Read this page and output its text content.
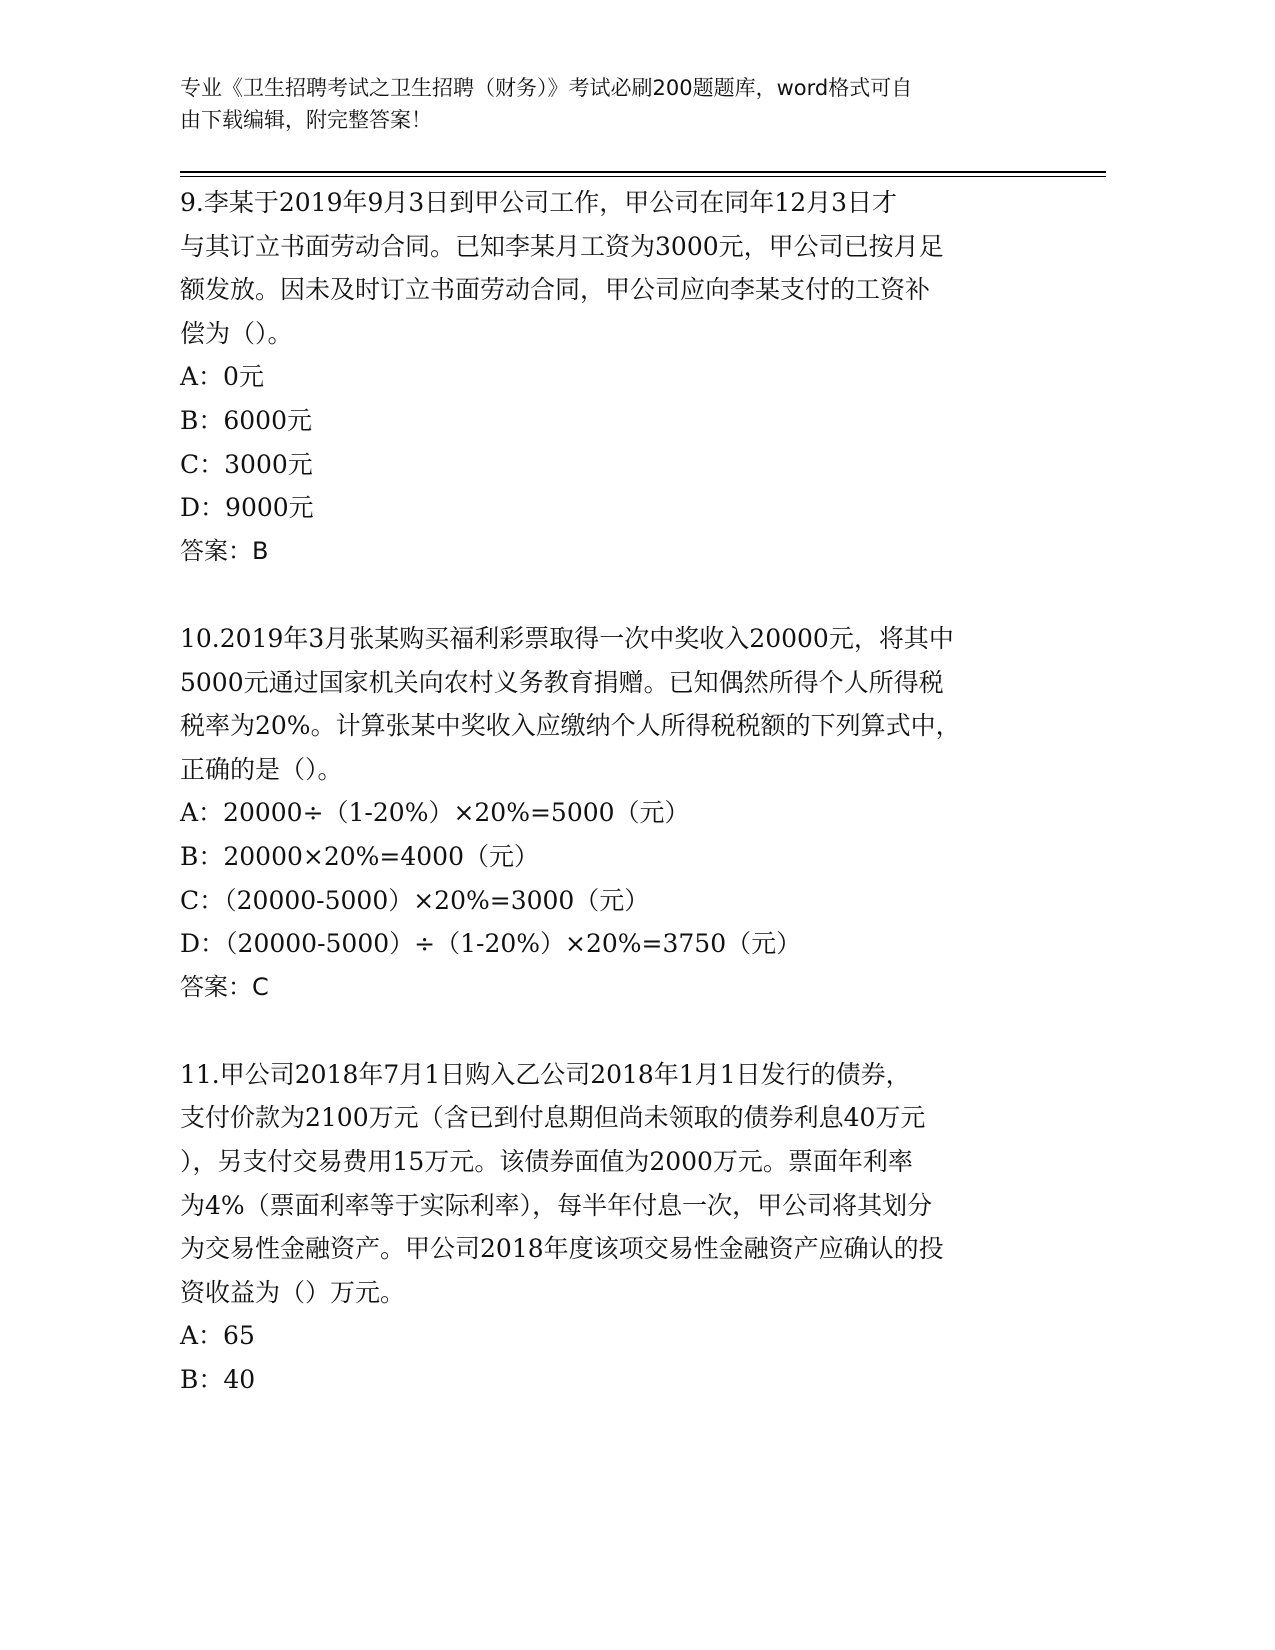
专业《卫生招聘考试之卫生招聘（财务）》考试必刷200题题库，word格式可自
由下载编辑，附完整答案！
9.李某于2019年9月3日到甲公司工作，甲公司在同年12月3日才
与其订立书面劳动合同。已知李某月工资为3000元，甲公司已按月足
额发放。因未及时订立书面劳动合同，甲公司应向李某支付的工资补
偿为（）。
A：0元
B：6000元
C：3000元
D：9000元
答案：B
10.2019年3月张某购买福利彩票取得一次中奖收入20000元，将其中
5000元通过国家机关向农村义务教育捐赠。已知偶然所得个人所得税
税率为20%。计算张某中奖收入应缴纳个人所得税税额的下列算式中，
正确的是（）。
A：20000÷（1-20%）×20%=5000（元）
B：20000×20%=4000（元）
C：（20000-5000）×20%=3000（元）
D：（20000-5000）÷（1-20%）×20%=3750（元）
答案：C
11.甲公司2018年7月1日购入乙公司2018年1月1日发行的债券，
支付价款为2100万元（含已到付息期但尚未领取的债券利息40万元
），另支付交易费用15万元。该债券面值为2000万元。票面年利率
为4%（票面利率等于实际利率），每半年付息一次，甲公司将其划分
为交易性金融资产。甲公司2018年度该项交易性金融资产应确认的投
资收益为（）万元。
A：65
B：40
